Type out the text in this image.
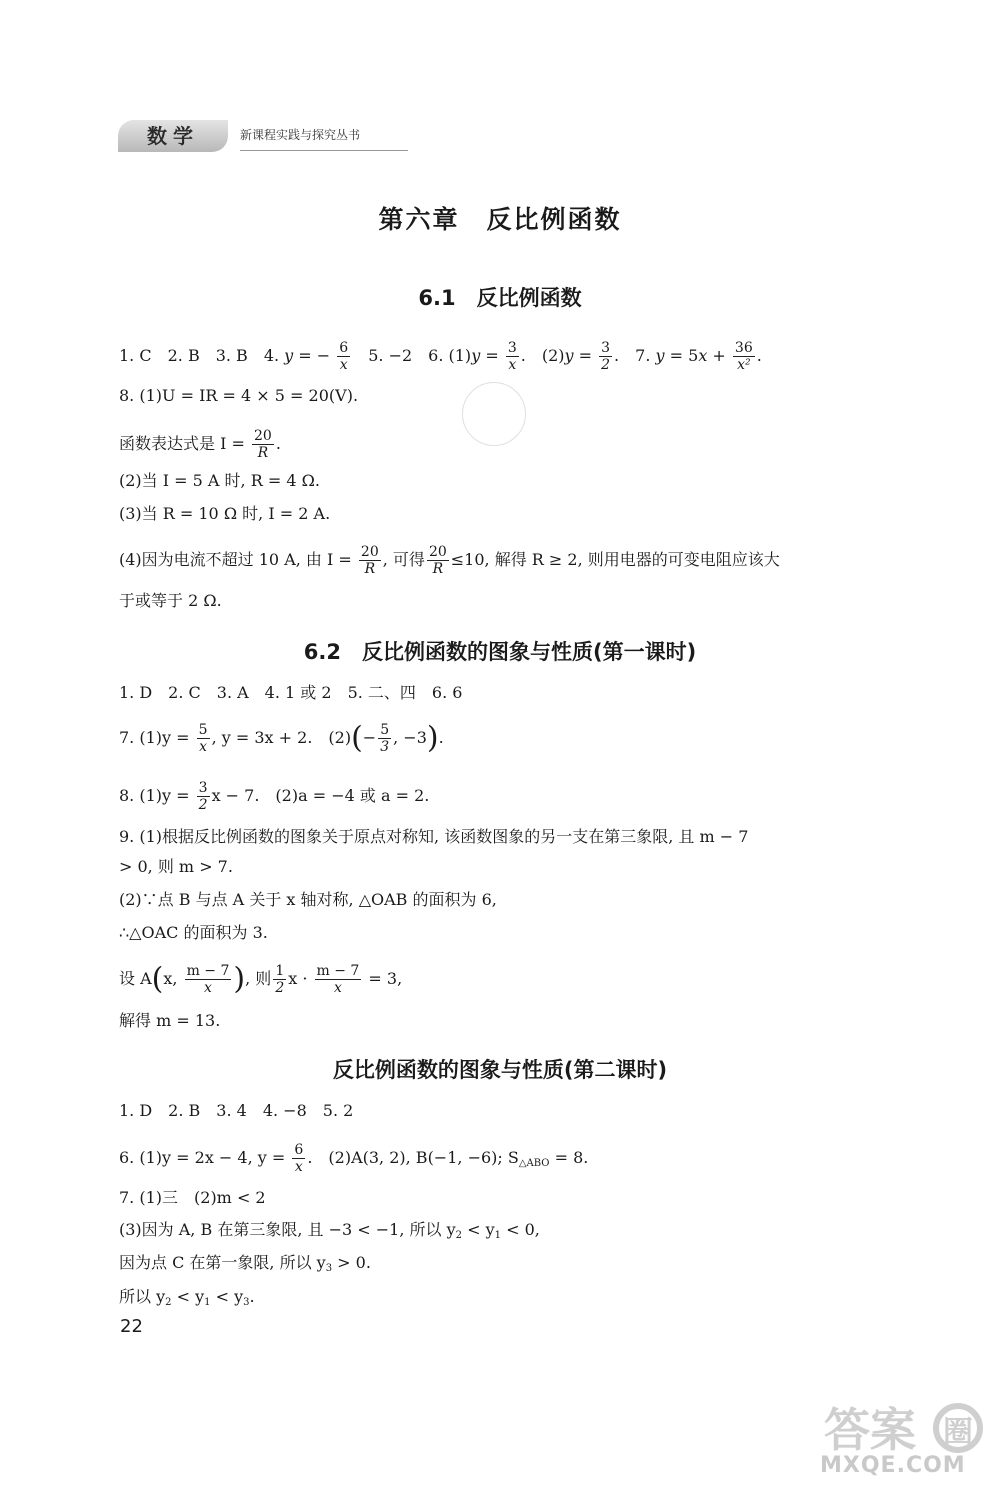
数学	新课程实践与探究丛书
第六章　反比例函数
6.1　反比例函数
1. C　2. B　3. B　4. y = − $\frac{6}{x}$ 　5. −2　6. $(1)y = \frac{3}{x}$ .　$(2)y = \frac{3}{2}$ .　7. $y = 5x + \frac{36}{\text{x²}}$ .
8. (1)U = IR = 4 × 5 = 20(V).
函数表达式是 $I = \frac{20}{R}$ .
(2)当 I = 5 A 时, R = 4 Ω.
(3)当 R = 10 Ω 时, I = 2 A.
(4)因为电流不超过 10 A, 由 $I = \frac{20}{R}$ , 可得 $\frac{20}{R} \le 10$, 解得 R ≥ 2, 则用电器的可变电阻应该大
于或等于 2 Ω.
6.2　反比例函数的图象与性质(第一课时)
1. D　2. C　3. A　4. 1 或 2　5. 二、四　6. 6
7. $(1)y = \frac{5}{x}$ , y = 3x + 2.　$(2)(- \frac{5}{3}$ , −3).
8. $(1)y = \frac{3}{2}$ x − 7.　(2)a = −4 或 a = 2.
9. (1)根据反比例函数的图象关于原点对称知, 该函数图象的另一支在第三象限, 且 m − 7
> 0, 则 m > 7.
(2)∵点 B 与点 A 关于 x 轴对称, △OAB 的面积为 6,
∴△OAC 的面积为 3.
设 A(x, $\frac{m - 7}{x}$ ), 则 $\frac{1}{2}$ $x \cdot \frac{m - 7}{x} = 3$,
解得 m = 13.
反比例函数的图象与性质(第二课时)
1. D　2. B　3. 4　4. −8　5. 2
6. (1)y = 2x − 4, $y = \frac{6}{x}$ .　(2)A(3, 2), B(−1, −6); $S_{\triangle ABO} = 8$.
7. (1)三　(2)m < 2
(3)因为 A, B 在第三象限, 且 −3 < −1, 所以 $y_2 < y_1 < 0$,
因为点 C 在第一象限, 所以 $y_3 > 0$.
所以 $y_2 < y_1 < y_3$.
22
答案 圈
MXQE.COM
